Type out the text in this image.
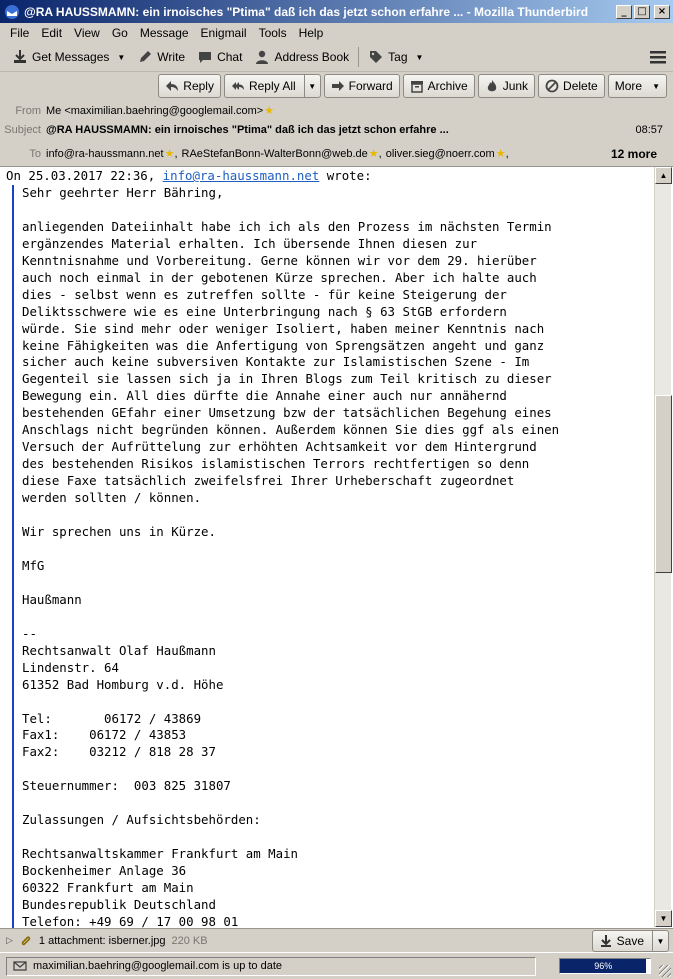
@RA HAUSSMAMN: ein irnoisches "Ptima" daß ich das jetzt schon erfahre ... - Mozilla Thunderbird	_	□	×
File	Edit	View	Go	Message	Enigmail	Tools	Help
Get Messages ▼	Write	Chat	Address Book	Tag ▼
Reply	Reply All	▼	Forward	Archive	Junk	Delete More ▼
From Me <maximilian.baehring@googlemail.com> ★
Subject @RA HAUSSMAMN: ein irnoisches "Ptima" daß ich das jetzt schon erfahre ...	08:57
To info@ra-haussmann.net ★ , RAeStefanBonn-WalterBonn@web.de ★ , oliver.sieg@noerr.com ★ ,	12 more
On 25.03.2017 22:36, info@ra-haussmann.net wrote:

Sehr geehrter Herr Bähring,

anliegenden Dateiinhalt habe ich ich als den Prozess im nächsten Termin
ergänzendes Material erhalten. Ich übersende Ihnen diesen zur
Kenntnisnahme und Vorbereitung. Gerne können wir vor dem 29. hierüber
auch noch einmal in der gebotenen Kürze sprechen. Aber ich halte auch
dies - selbst wenn es zutreffen sollte - für keine Steigerung der
Deliktsschwere wie es eine Unterbringung nach § 63 StGB erfordern
würde. Sie sind mehr oder weniger Isoliert, haben meiner Kenntnis nach
keine Fähigkeiten was die Anfertigung von Sprengsätzen angeht und ganz
sicher auch keine subversiven Kontakte zur Islamistischen Szene - Im
Gegenteil sie lassen sich ja in Ihren Blogs zum Teil kritisch zu dieser
Bewegung ein. All dies dürfte die Annahe einer auch nur annähernd
bestehenden GEfahr einer Umsetzung bzw der tatsächlichen Begehung eines
Anschlags nicht begründen können. Außerdem können Sie dies ggf als einen
Versuch der Aufrüttelung zur erhöhten Achtsamkeit vor dem Hintergrund
des bestehenden Risikos islamistischen Terrors rechtfertigen so denn
diese Faxe tatsächlich zweifelsfrei Ihrer Urheberschaft zugeordnet
werden sollten / können.

Wir sprechen uns in Kürze.

MfG

Haußmann

--
Rechtsanwalt Olaf Haußmann
Lindenstr. 64
61352 Bad Homburg v.d. Höhe

Tel:       06172 / 43869
Fax1:    06172 / 43853
Fax2:    03212 / 818 28 37

Steuernummer:  003 825 31807

Zulassungen / Aufsichtsbehörden:

Rechtsanwaltskammer Frankfurt am Main
Bockenheimer Anlage 36
60322 Frankfurt am Main
Bundesrepublik Deutschland
Telefon: +49 69 / 17 00 98 01
▲
▼
▷ 1 attachment: isberner.jpg 220 KB	Save	▼
maximilian.baehring@googlemail.com is up to date	96%
